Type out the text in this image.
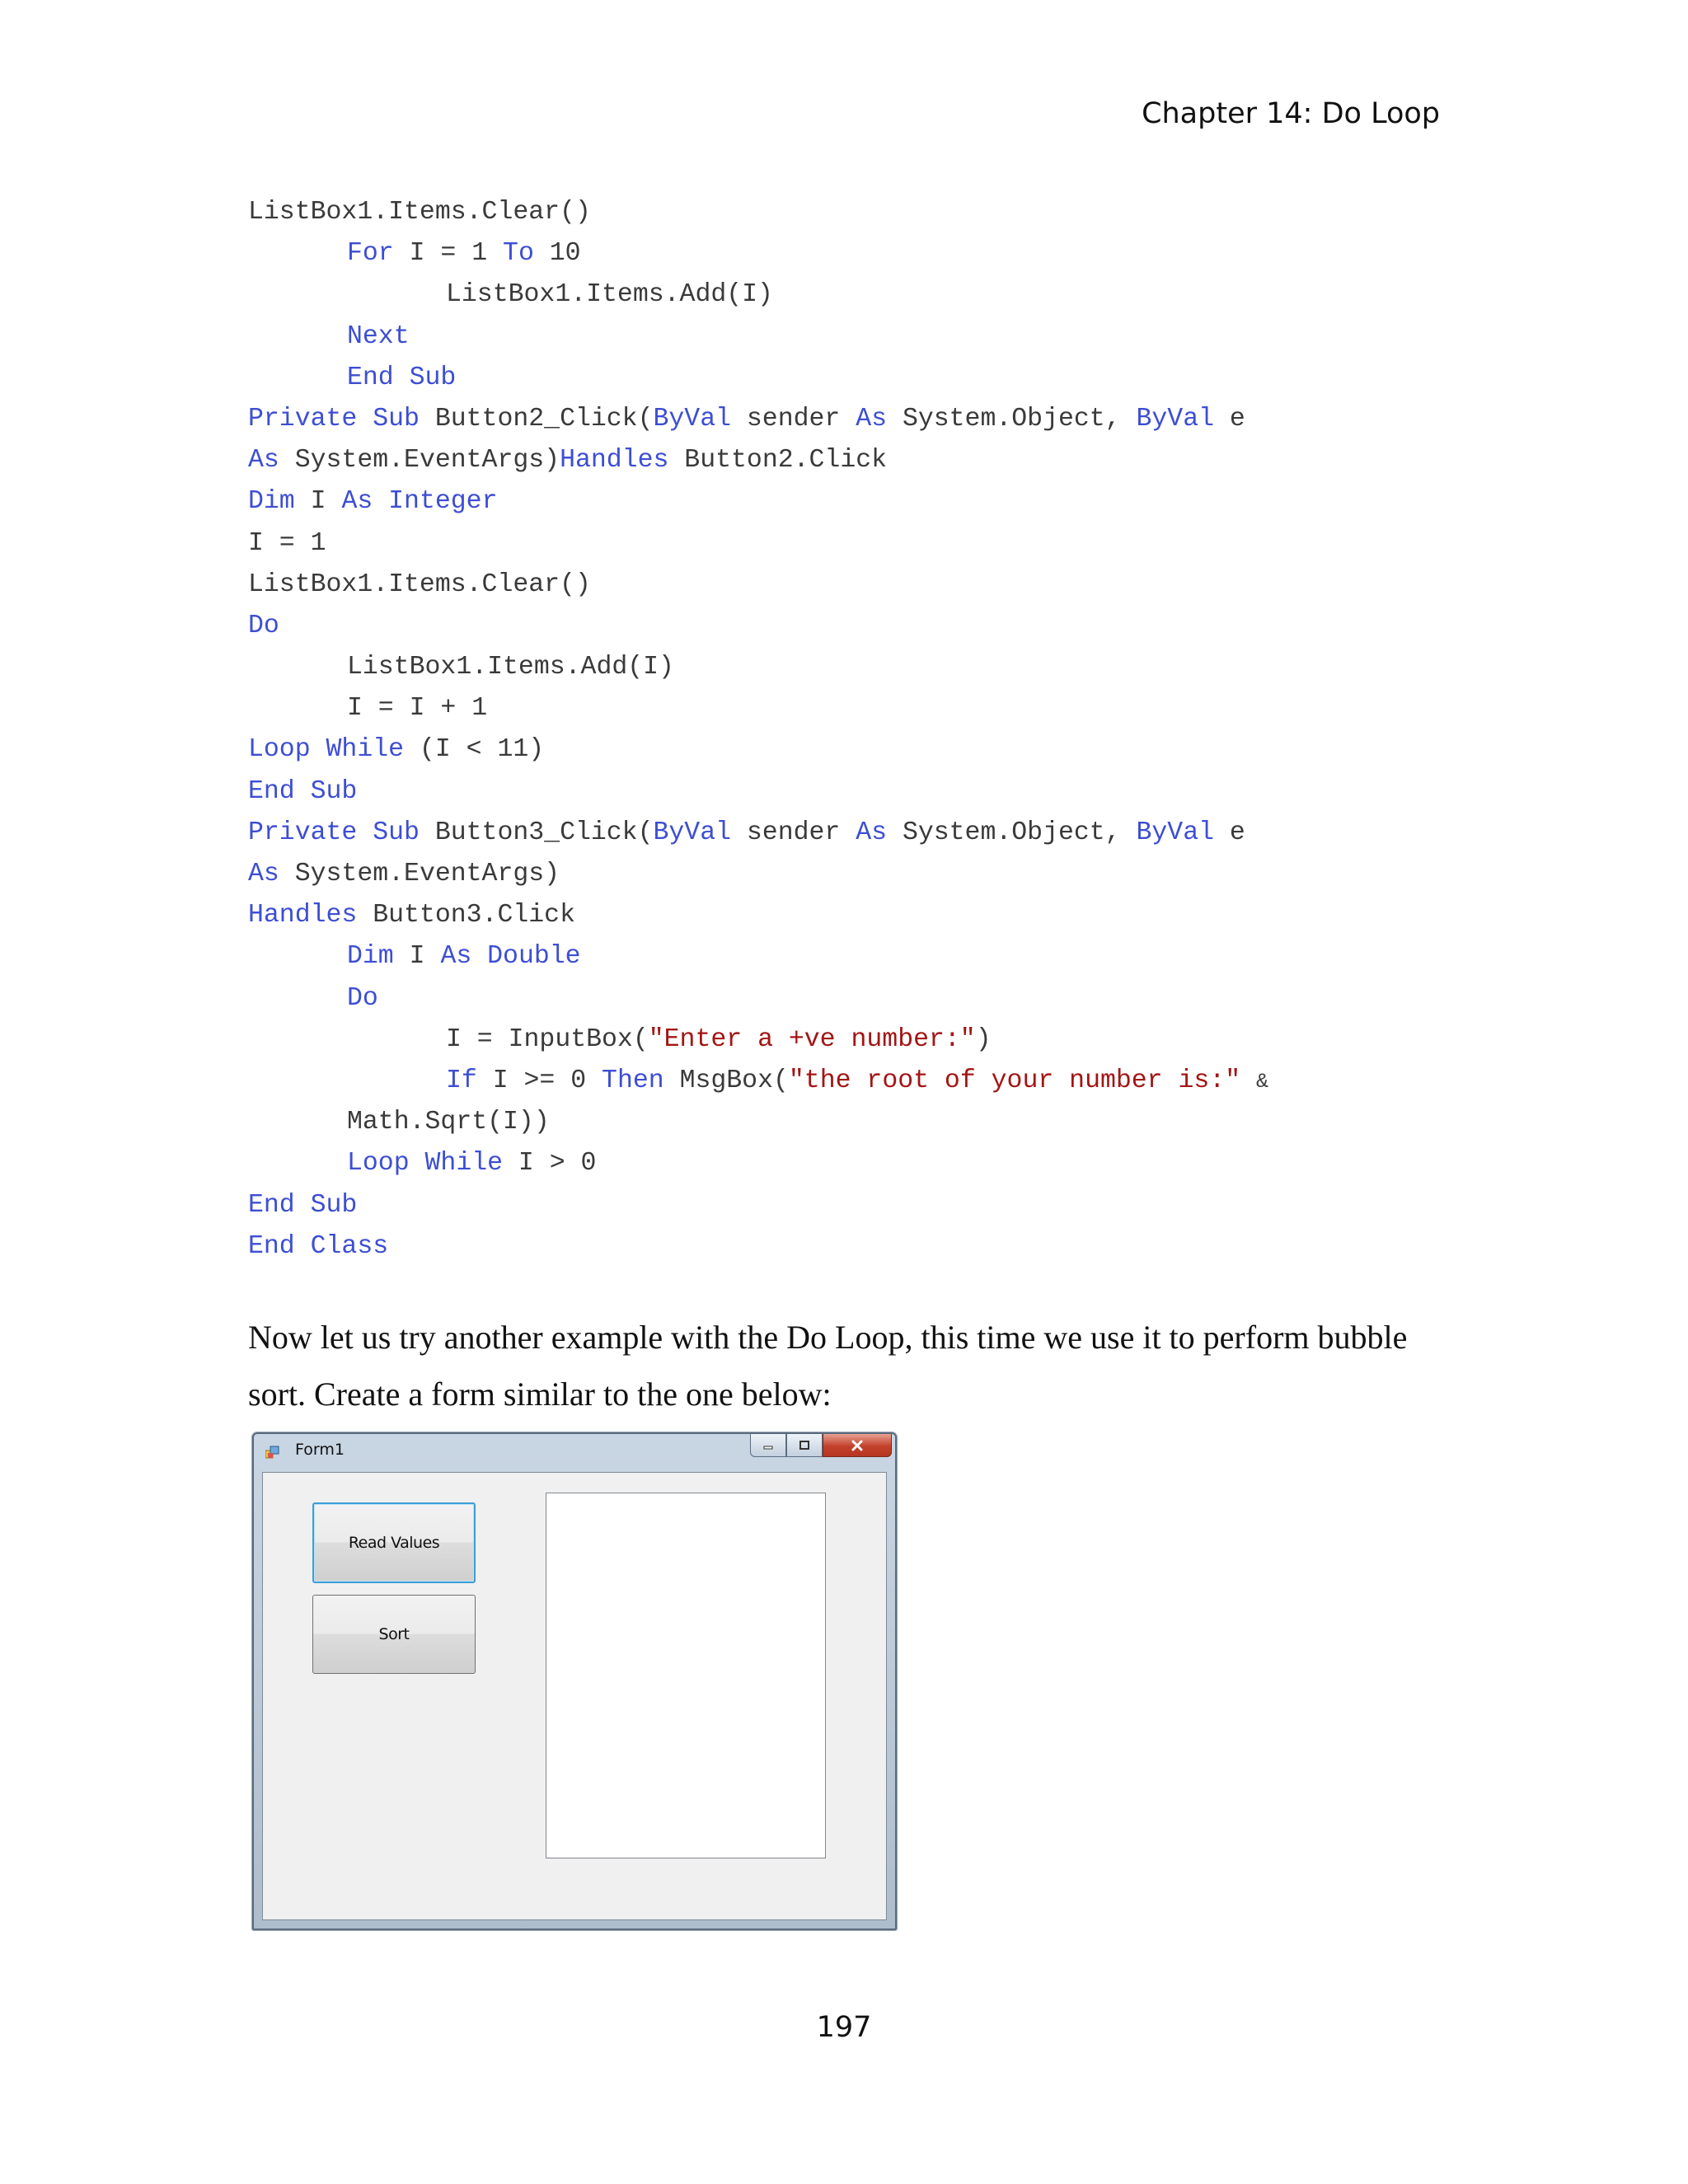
Chapter 14: Do Loop
ListBox1.Items.Clear()
For I = 1 To 10
ListBox1.Items.Add(I)
Next
End Sub
Private Sub Button2_Click(ByVal sender As System.Object, ByVal e
As System.EventArgs)Handles Button2.Click
Dim I As Integer
I = 1
ListBox1.Items.Clear()
Do
ListBox1.Items.Add(I)
I = I + 1
Loop While (I < 11)
End Sub
Private Sub Button3_Click(ByVal sender As System.Object, ByVal e
As System.EventArgs)
Handles Button3.Click
Dim I As Double
Do
I = InputBox("Enter a +ve number:")
If I >= 0 Then MsgBox("the root of your number is:" &
Math.Sqrt(I))
Loop While I > 0
End Sub
End Class

Now let us try another example with the Do Loop, this time we use it to perform bubble sort. Create a form similar to the one below:

Form1
Read Values
Sort
197
